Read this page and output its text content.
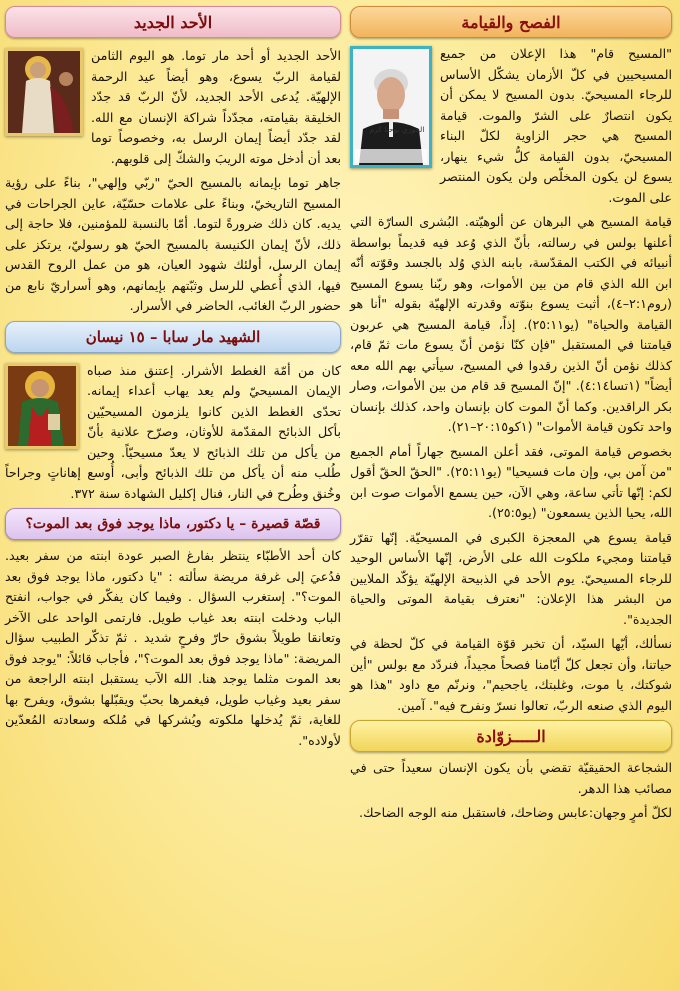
الفصح والقيامة

"المسيح قام" هذا الإعلان من جميع المسيحيين في كلّ الأزمان يشكّل الأساس للرجاء المسيحيّ. بدون المسيح لا يمكن أن يكون انتصارٌ على الشرّ والموت. قيامة المسيح هي حجر الزاوية لكلّ البناء المسيحيّ، بدون القيامة كلُّ شيء ينهار، يسوع لن يكون المخلّص ولن يكون المنتصر على الموت.

قيامة المسيح هي البرهان عن ألوهيّته. البُشرى السارّة التي أعلنها بولس في رسالته، بأنّ الذي وُعد فيه قديماً بواسطة أنبيائه في الكتب المقدّسة، بابنه الذي وُلد بالجسد وقوّته أنّه ابن الله الذي قام من بين الأموات، وهو ربّنا يسوع المسيح (روم٢:١–٤)، أثبت يسوع بنوّته وقدرته الإلهيّة بقوله "أنا هو القيامة والحياة" (يو٢٥:١١). إذاً، قيامة المسيح هي عربون قيامتنا في المستقبل "فإن كنّا نؤمن أنّ يسوع مات ثمّ قام، كذلك نؤمن أنّ الذين رقدوا في المسيح، سيأتي بهم الله معه أيضاً" (١تسا٤:١٤). "إنّ المسيح قد قام من بين الأموات، وصار بكر الراقدين. وكما أنّ الموت كان بإنسان واحد، كذلك بإنسان واحد تكون قيامة الأموات" (١كو٢٠:١٥–٢١).

بخصوص قيامة الموتى، فقد أعلن المسيح جهاراً أمام الجميع "من آمن بي، وإن مات فسيحيا" (يو٢٥:١١). "الحقّ الحقّ أقول لكم: إنّها تأتي ساعة، وهي الآن، حين يسمع الأموات صوت ابن الله، يحيا الذين يسمعون" (يو٢٥:٥).

قيامة يسوع هي المعجزة الكبرى في المسيحيّة. إنّها تقرّر قيامتنا ومجيء ملكوت الله على الأرض، إنّها الأساس الوحيد للرجاء المسيحيّ. يوم الأحد في الذبيحة الإلهيّة يؤكّد الملايين من البشر هذا الإعلان: "نعترف بقيامة الموتى والحياة الجديدة".

نسألك، أيّها السيّد، أن تخبر قوّة القيامة في كلّ لحظة في حياتنا، وأن تجعل كلّ أيّامنا فصحاً مجيداً، فنردّد مع بولس "أين شوكتك، يا موت، وغلبتك، ياجحيم"، ونرنّم مع داود "هذا هو اليوم الذي صنعه الربّ، تعالوا نسرّ ونفرح فيه". آمين.

الخوري يوحنا كرم
الـــــزوّادة

الشجاعة الحقيقيّة تقضي بأن يكون الإنسان سعيداً حتى في مصائب هذا الدهر.

لكلّ أمرٍ وجهان:عابس وضاحك، فاستقبل منه الوجه الضاحك.

الأحد الجديد

الأحد الجديد أو أحد مار توما. هو اليوم الثامن لقيامة الربّ يسوع، وهو أيضاً عيد الرحمة الإلهيّة. يُدعى الأحد الجديد، لأنّ الربّ قد جدّد الخليقة بقيامته، مجدّداً شراكة الإنسان مع الله. لقد جدّد أيضاً إيمان الرسل به، وخصوصاً توما بعد أن أدخل موته الريبَ والشكّ إلى قلوبهم.

جاهر توما بإيمانه بالمسيح الحيّ "ربّي وإلهي"، بناءً على رؤية المسيح التاريخيّ، وبناءً على علامات حسّيّة، عاين الجراحات في يديه. كان ذلك ضرورةً لتوما. أمّا بالنسبة للمؤمنين، فلا حاجة إلى ذلك، لأنّ إيمان الكنيسة بالمسيح الحيّ هو رسوليّ، يرتكز على إيمان الرسل، أولئك شهود العيان، هو من عمل الروح القدس فيها، الذي أُعطي للرسل وثبّتهم بإيمانهم، وهو أسراريّ نابع من حضور الربّ الغائب، الحاضر في الأسرار.

الشهيد مار سابا – ١٥ نيسان

كان من أمّة الغطط الأشرار. إعتنق منذ صباه الإيمان المسيحيّ ولم يعد يهاب أعداء إيمانه. تحدّى الغطط الذين كانوا يلزمون المسيحيّين بأكل الذبائح المقدّمة للأوثان، وصرّح علانية بأنّ من يأكل من تلك الذبائح لا يعدّ مسيحيّاً. وحين طُلب منه أن يأكل من تلك الذبائح وأبى، أُوسع إهاناتٍ وجراحاً وخُنق وطُرح في النار، فنال إكليل الشهادة سنة ٣٧٢.

قصّة قصيرة – يا دكتور، ماذا يوجد فوق بعد الموت؟

كان أحد الأطبّاء ينتظر بفارغ الصبر عودة ابنته من سفر بعيد. فدُعيَ إلى غرفة مريضة سألته : "يا دكتور، ماذا يوجد فوق بعد الموت؟". إستغرب السؤال . وفيما كان يفكّر في جواب، انفتح الباب ودخلت ابنته بعد غياب طويل. فارتمى الواحد على الآخر وتعانقا طويلاً بشوق حارّ وفرحٍ شديد . ثمّ تذكّر الطبيب سؤال المريضة: "ماذا يوجد فوق بعد الموت؟"، فأجاب قائلاً: "يوجد فوق بعد الموت مثلما يوجد هنا. الله الآب يستقبل ابنته الراجعة من سفر بعيد وغياب طويل، فيغمرها بحبّ ويقبّلها بشوق، ويفرح بها للغاية، ثمّ يُدخلها ملكوته ويُشركها في مُلكه وسعادته المُعدّين لأولاده".
